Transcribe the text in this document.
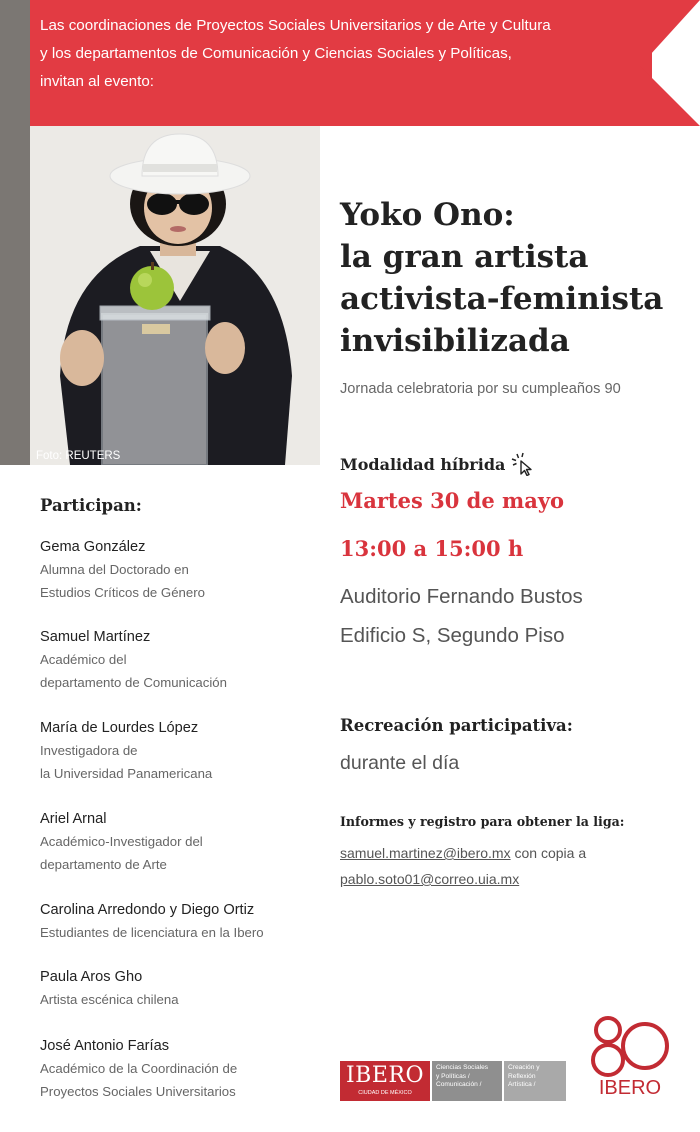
Las coordinaciones de Proyectos Sociales Universitarios y de Arte y Cultura
y los departamentos de Comunicación y Ciencias Sociales y Políticas,
invitan al evento:
Foto: REUTERS
Yoko Ono:
la gran artista
activista-feminista
invisibilizada
Jornada celebratoria por su cumpleaños 90
Modalidad híbrida
Martes 30 de mayo
13:00 a 15:00 h
Auditorio Fernando Bustos
Edificio S, Segundo Piso
Recreación participativa:
durante el día
Informes y registro para obtener la liga:
samuel.martinez@ibero.mx con copia a
pablo.soto01@correo.uia.mx
Participan:
Gema González
Alumna del Doctorado en
Estudios Críticos de Género
Samuel Martínez
Académico del
departamento de Comunicación
María de Lourdes López
Investigadora de
la Universidad Panamericana
Ariel Arnal
Académico-Investigador del
departamento de Arte
Carolina Arredondo y Diego Ortiz
Estudiantes de licenciatura en la Ibero
Paula Aros Gho
Artista escénica chilena
José Antonio Farías
Académico de la Coordinación de
Proyectos Sociales Universitarios
IBERO
CIUDAD DE MÉXICO
Ciencias Sociales
y Políticas /
Comunicación /
Creación y
Reflexión
Artística /	IBERO
